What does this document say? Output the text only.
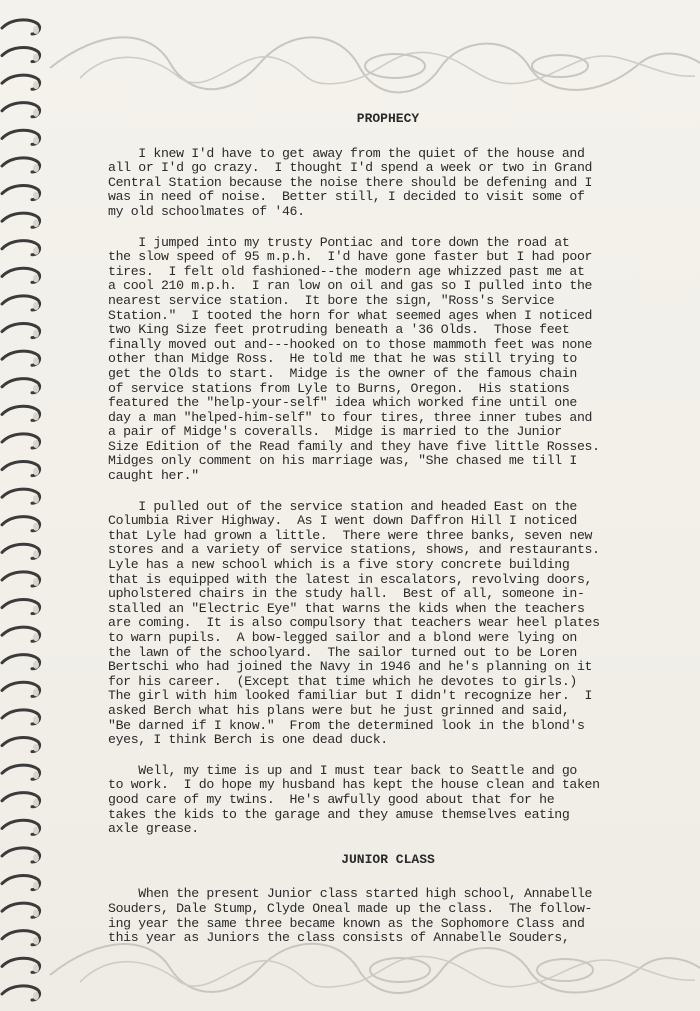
PROPHECY
I knew I'd have to get away from the quiet of the house and
all or I'd go crazy.  I thought I'd spend a week or two in Grand
Central Station because the noise there should be defening and I
was in need of noise.  Better still, I decided to visit some of
my old schoolmates of '46.
I jumped into my trusty Pontiac and tore down the road at
the slow speed of 95 m.p.h.  I'd have gone faster but I had poor
tires.  I felt old fashioned--the modern age whizzed past me at
a cool 210 m.p.h.  I ran low on oil and gas so I pulled into the
nearest service station.  It bore the sign, "Ross's Service
Station."  I tooted the horn for what seemed ages when I noticed
two King Size feet protruding beneath a '36 Olds.  Those feet
finally moved out and---hooked on to those mammoth feet was none
other than Midge Ross.  He told me that he was still trying to
get the Olds to start.  Midge is the owner of the famous chain
of service stations from Lyle to Burns, Oregon.  His stations
featured the "help-your-self" idea which worked fine until one
day a man "helped-him-self" to four tires, three inner tubes and
a pair of Midge's coveralls.  Midge is married to the Junior
Size Edition of the Read family and they have five little Rosses.
Midges only comment on his marriage was, "She chased me till I
caught her."
I pulled out of the service station and headed East on the
Columbia River Highway.  As I went down Daffron Hill I noticed
that Lyle had grown a little.  There were three banks, seven new
stores and a variety of service stations, shows, and restaurants.
Lyle has a new school which is a five story concrete building
that is equipped with the latest in escalators, revolving doors,
upholstered chairs in the study hall.  Best of all, someone in-
stalled an "Electric Eye" that warns the kids when the teachers
are coming.  It is also compulsory that teachers wear heel plates
to warn pupils.  A bow-legged sailor and a blond were lying on
the lawn of the schoolyard.  The sailor turned out to be Loren
Bertschi who had joined the Navy in 1946 and he's planning on it
for his career.  (Except that time which he devotes to girls.)
The girl with him looked familiar but I didn't recognize her.  I
asked Berch what his plans were but he just grinned and said,
"Be darned if I know."  From the determined look in the blond's
eyes, I think Berch is one dead duck.
Well, my time is up and I must tear back to Seattle and go
to work.  I do hope my husband has kept the house clean and taken
good care of my twins.  He's awfully good about that for he
takes the kids to the garage and they amuse themselves eating
axle grease.
JUNIOR CLASS
When the present Junior class started high school, Annabelle
Souders, Dale Stump, Clyde Oneal made up the class.  The follow-
ing year the same three became known as the Sophomore Class and
this year as Juniors the class consists of Annabelle Souders,
